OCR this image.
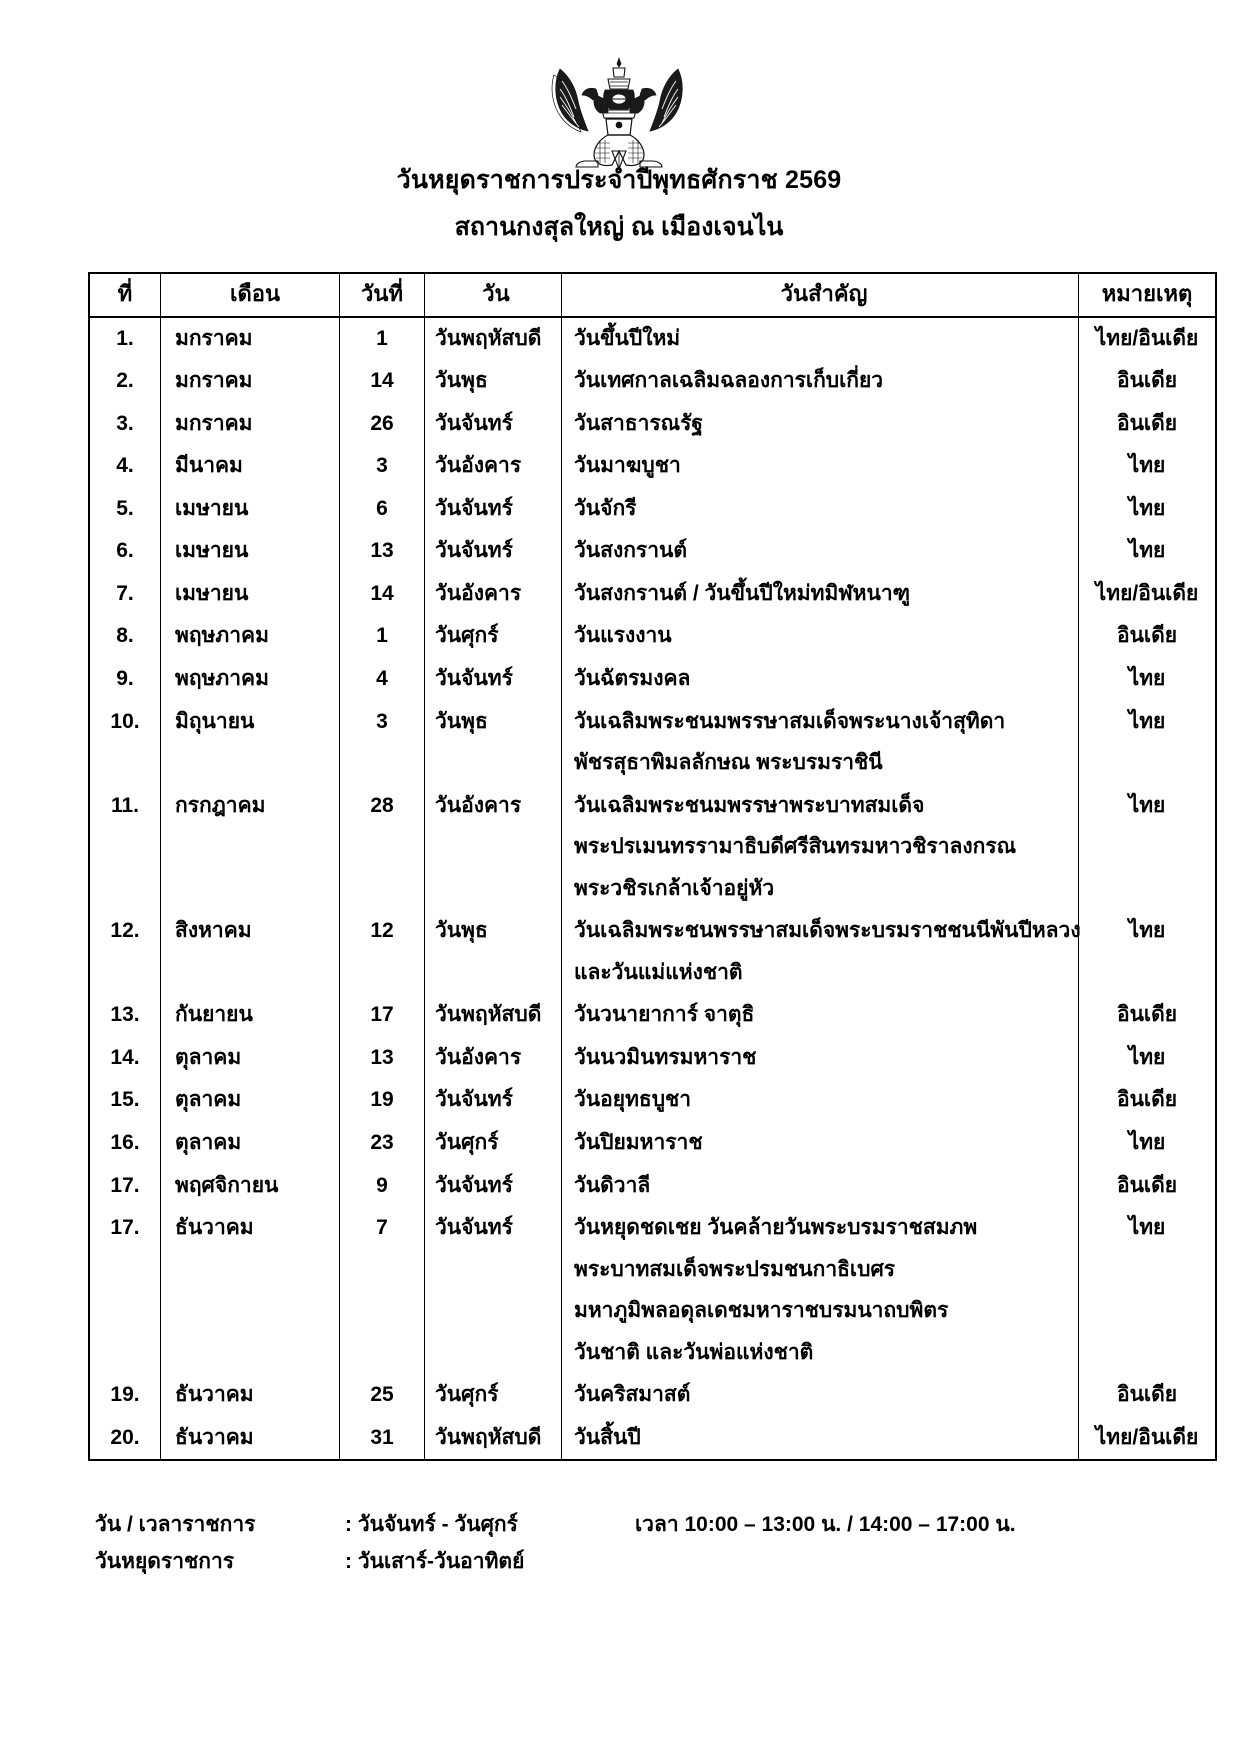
วันหยุดราชการประจำปีพุทธศักราช 2569
สถานกงสุลใหญ่ ณ เมืองเจนไน
ที่	เดือน	วันที่	วัน	วันสำคัญ	หมายเหตุ
1.	มกราคม	1	วันพฤหัสบดี	วันขึ้นปีใหม่	ไทย/อินเดีย
2.	มกราคม	14	วันพุธ	วันเทศกาลเฉลิมฉลองการเก็บเกี่ยว	อินเดีย
3.	มกราคม	26	วันจันทร์	วันสาธารณรัฐ	อินเดีย
4.	มีนาคม	3	วันอังคาร	วันมาฆบูชา	ไทย
5.	เมษายน	6	วันจันทร์	วันจักรี	ไทย
6.	เมษายน	13	วันจันทร์	วันสงกรานต์	ไทย
7.	เมษายน	14	วันอังคาร	วันสงกรานต์ / วันขึ้นปีใหม่ทมิฬหนาฑู	ไทย/อินเดีย
8.	พฤษภาคม	1	วันศุกร์	วันแรงงาน	อินเดีย
9.	พฤษภาคม	4	วันจันทร์	วันฉัตรมงคล	ไทย
10.	มิถุนายน	3	วันพุธ	วันเฉลิมพระชนมพรรษาสมเด็จพระนางเจ้าสุทิดา
พัชรสุธาพิมลลักษณ พระบรมราชินี	ไทย
11.	กรกฎาคม	28	วันอังคาร	วันเฉลิมพระชนมพรรษาพระบาทสมเด็จ
พระปรเมนทรรามาธิบดีศรีสินทรมหาวชิราลงกรณ
พระวชิรเกล้าเจ้าอยู่หัว	ไทย
12.	สิงหาคม	12	วันพุธ	วันเฉลิมพระชนพรรษาสมเด็จพระบรมราชชนนีพันปีหลวง
และวันแม่แห่งชาติ	ไทย
13.	กันยายน	17	วันพฤหัสบดี	วันวนายาการ์ จาตุธิ	อินเดีย
14.	ตุลาคม	13	วันอังคาร	วันนวมินทรมหาราช	ไทย
15.	ตุลาคม	19	วันจันทร์	วันอยุทธบูชา	อินเดีย
16.	ตุลาคม	23	วันศุกร์	วันปิยมหาราช	ไทย
17.	พฤศจิกายน	9	วันจันทร์	วันดิวาลี	อินเดีย
17.	ธันวาคม	7	วันจันทร์	วันหยุดชดเชย วันคล้ายวันพระบรมราชสมภพ
พระบาทสมเด็จพระปรมชนกาธิเบศร
มหาภูมิพลอดุลเดชมหาราชบรมนาถบพิตร
วันชาติ และวันพ่อแห่งชาติ	ไทย
19.	ธันวาคม	25	วันศุกร์	วันคริสมาสต์	อินเดีย
20.	ธันวาคม	31	วันพฤหัสบดี	วันสิ้นปี	ไทย/อินเดีย
วัน / เวลาราชการ	: วันจันทร์ - วันศุกร์	เวลา 10:00 – 13:00 น. / 14:00 – 17:00 น.
วันหยุดราชการ	: วันเสาร์-วันอาทิตย์
